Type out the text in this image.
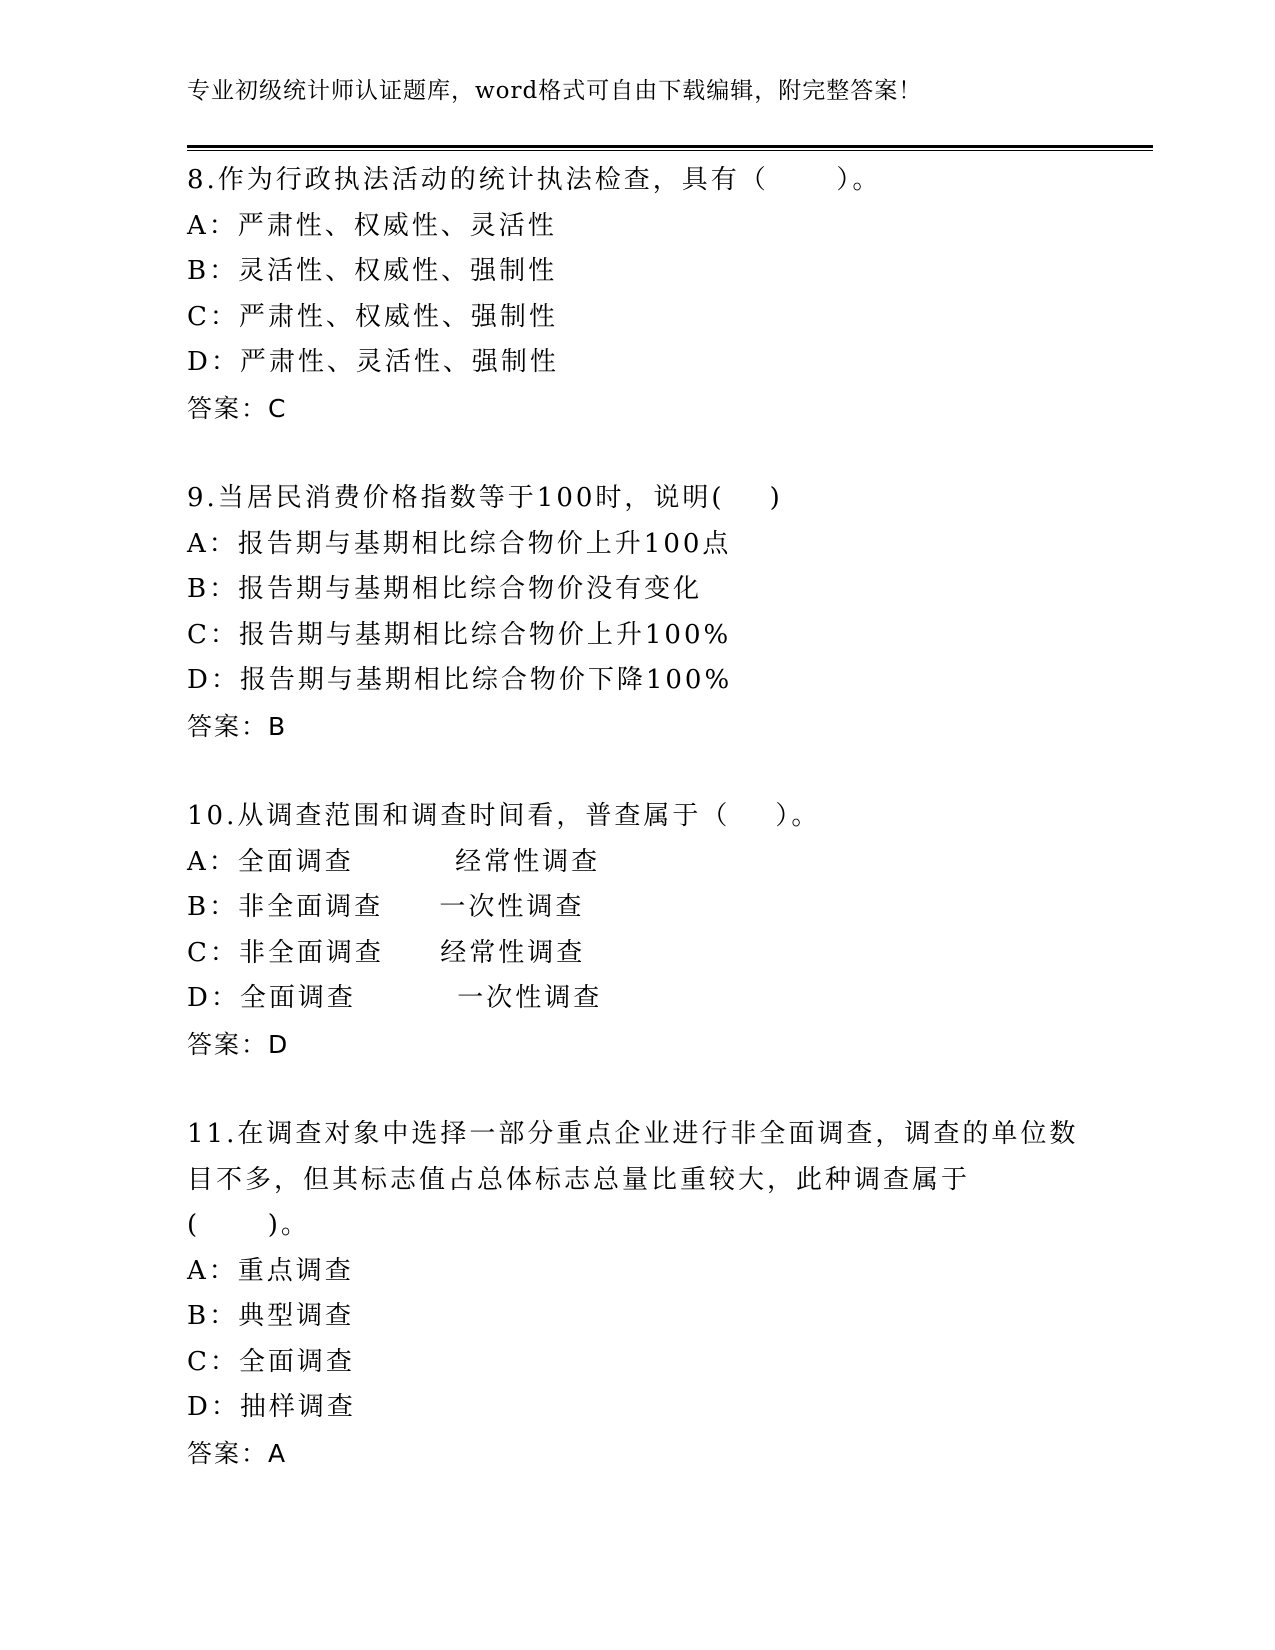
专业初级统计师认证题库，word格式可自由下载编辑，附完整答案！
8.作为行政执法活动的统计执法检查，具有（      ）。
A：严肃性、权威性、灵活性
B：灵活性、权威性、强制性
C：严肃性、权威性、强制性
D：严肃性、灵活性、强制性
答案：C
9.当居民消费价格指数等于100时，说明(    )
A：报告期与基期相比综合物价上升100点
B：报告期与基期相比综合物价没有变化
C：报告期与基期相比综合物价上升100%
D：报告期与基期相比综合物价下降100%
答案：B
10.从调查范围和调查时间看，普查属于（    ）。
A：全面调查         经常性调查
B：非全面调查     一次性调查
C：非全面调查     经常性调查
D：全面调查         一次性调查
答案：D
11.在调查对象中选择一部分重点企业进行非全面调查，调查的单位数
目不多，但其标志值占总体标志总量比重较大，此种调查属于
(      )。
A：重点调查
B：典型调查
C：全面调查
D：抽样调查
答案：A
